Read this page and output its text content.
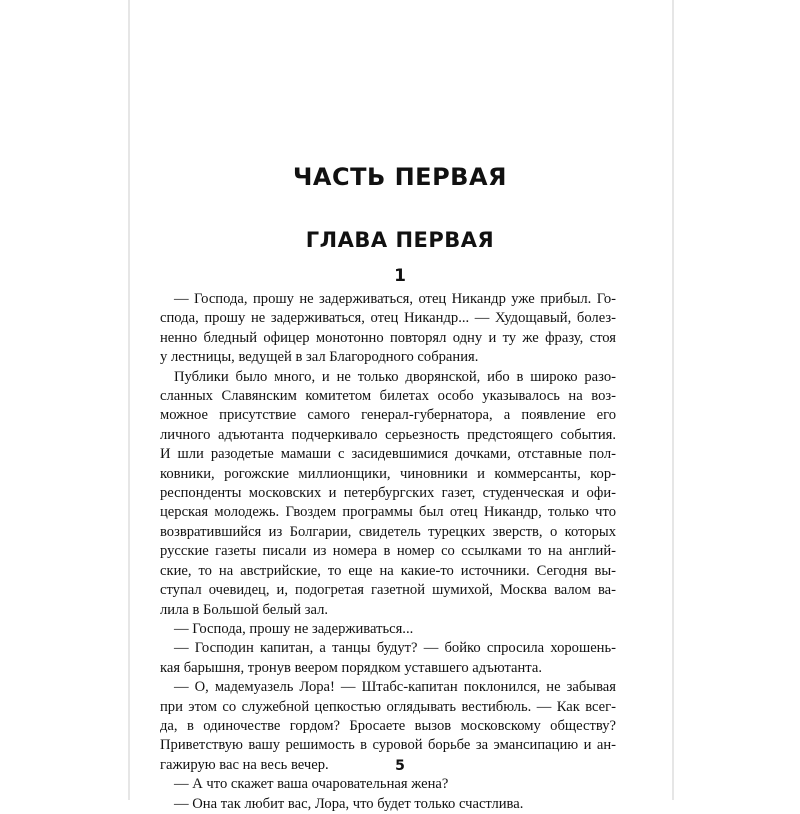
ЧАСТЬ ПЕРВАЯ
ГЛАВА ПЕРВАЯ
1
— Господа, прошу не задерживаться, отец Никандр уже прибыл. Го-
спода, прошу не задерживаться, отец Никандр... — Худощавый, болез-
ненно бледный офицер монотонно повторял одну и ту же фразу, стоя
у лестницы, ведущей в зал Благородного собрания.
Публики было много, и не только дворянской, ибо в широко разо-
сланных Славянским комитетом билетах особо указывалось на воз-
можное присутствие самого генерал-губернатора, а появление его
личного адъютанта подчеркивало серьезность предстоящего события.
И шли разодетые мамаши с засидевшимися дочками, отставные пол-
ковники, рогожские миллионщики, чиновники и коммерсанты, кор-
респонденты московских и петербургских газет, студенческая и офи-
церская молодежь. Гвоздем программы был отец Никандр, только что
возвратившийся из Болгарии, свидетель турецких зверств, о которых
русские газеты писали из номера в номер со ссылками то на англий-
ские, то на австрийские, то еще на какие-то источники. Сегодня вы-
ступал очевидец, и, подогретая газетной шумихой, Москва валом ва-
лила в Большой белый зал.
— Господа, прошу не задерживаться...
— Господин капитан, а танцы будут? — бойко спросила хорошень-
кая барышня, тронув веером порядком уставшего адъютанта.
— О, мадемуазель Лора! — Штабс-капитан поклонился, не забывая
при этом со служебной цепкостью оглядывать вестибюль. — Как всег-
да, в одиночестве гордом? Бросаете вызов московскому обществу?
Приветствую вашу решимость в суровой борьбе за эмансипацию и ан-
гажирую вас на весь вечер.
— А что скажет ваша очаровательная жена?
— Она так любит вас, Лора, что будет только счастлива.
5
